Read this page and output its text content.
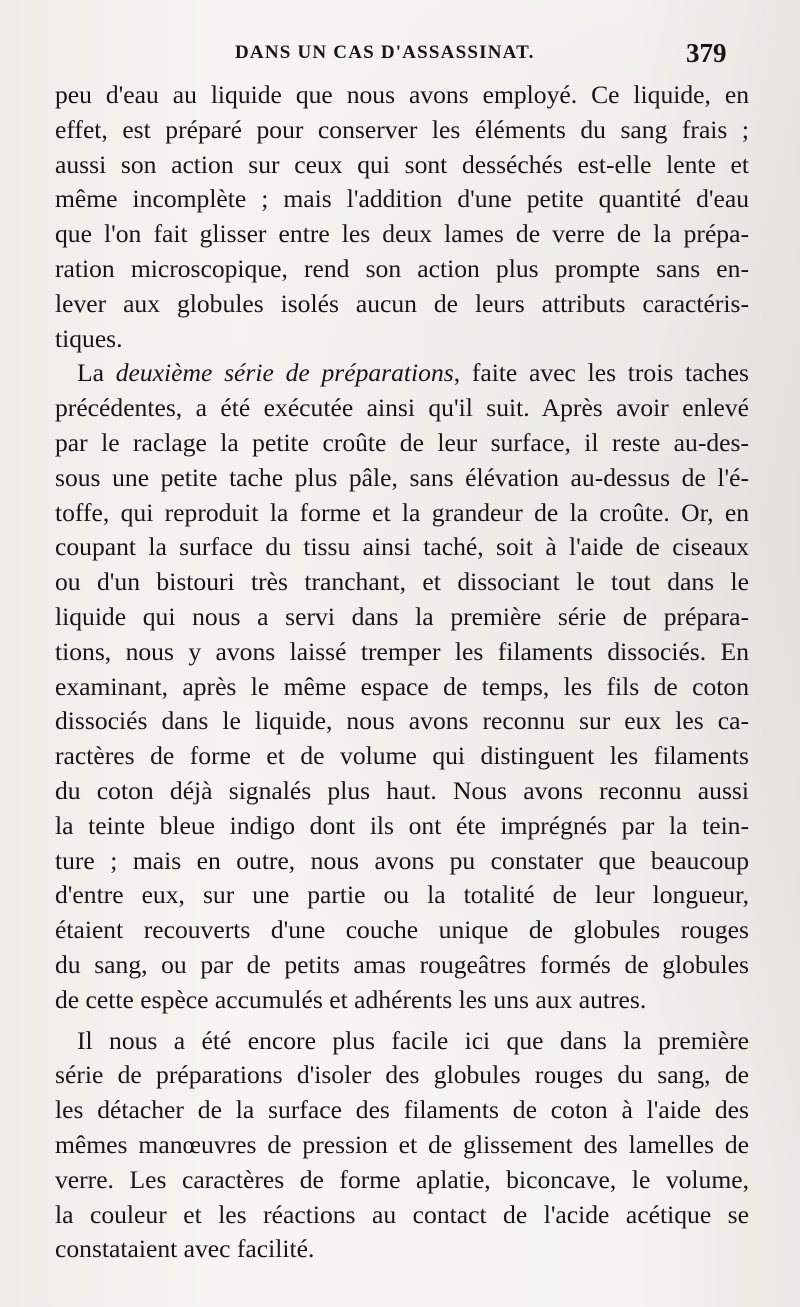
DANS UN CAS D'ASSASSINAT.	379
peu d'eau au liquide que nous avons employé. Ce liquide, en
effet, est préparé pour conserver les éléments du sang frais ;
aussi son action sur ceux qui sont desséchés est-elle lente et
même incomplète ; mais l'addition d'une petite quantité d'eau
que l'on fait glisser entre les deux lames de verre de la prépa-
ration microscopique, rend son action plus prompte sans en-
lever aux globules isolés aucun de leurs attributs caractéris-
tiques.
La deuxième série de préparations, faite avec les trois taches
précédentes, a été exécutée ainsi qu'il suit. Après avoir enlevé
par le raclage la petite croûte de leur surface, il reste au-des-
sous une petite tache plus pâle, sans élévation au-dessus de l'é-
toffe, qui reproduit la forme et la grandeur de la croûte. Or, en
coupant la surface du tissu ainsi taché, soit à l'aide de ciseaux
ou d'un bistouri très tranchant, et dissociant le tout dans le
liquide qui nous a servi dans la première série de prépara-
tions, nous y avons laissé tremper les filaments dissociés. En
examinant, après le même espace de temps, les fils de coton
dissociés dans le liquide, nous avons reconnu sur eux les ca-
ractères de forme et de volume qui distinguent les filaments
du coton déjà signalés plus haut. Nous avons reconnu aussi
la teinte bleue indigo dont ils ont éte imprégnés par la tein-
ture ; mais en outre, nous avons pu constater que beaucoup
d'entre eux, sur une partie ou la totalité de leur longueur,
étaient recouverts d'une couche unique de globules rouges
du sang, ou par de petits amas rougeâtres formés de globules
de cette espèce accumulés et adhérents les uns aux autres.
Il nous a été encore plus facile ici que dans la première
série de préparations d'isoler des globules rouges du sang, de
les détacher de la surface des filaments de coton à l'aide des
mêmes manœuvres de pression et de glissement des lamelles de
verre. Les caractères de forme aplatie, biconcave, le volume,
la couleur et les réactions au contact de l'acide acétique se
constataient avec facilité.
